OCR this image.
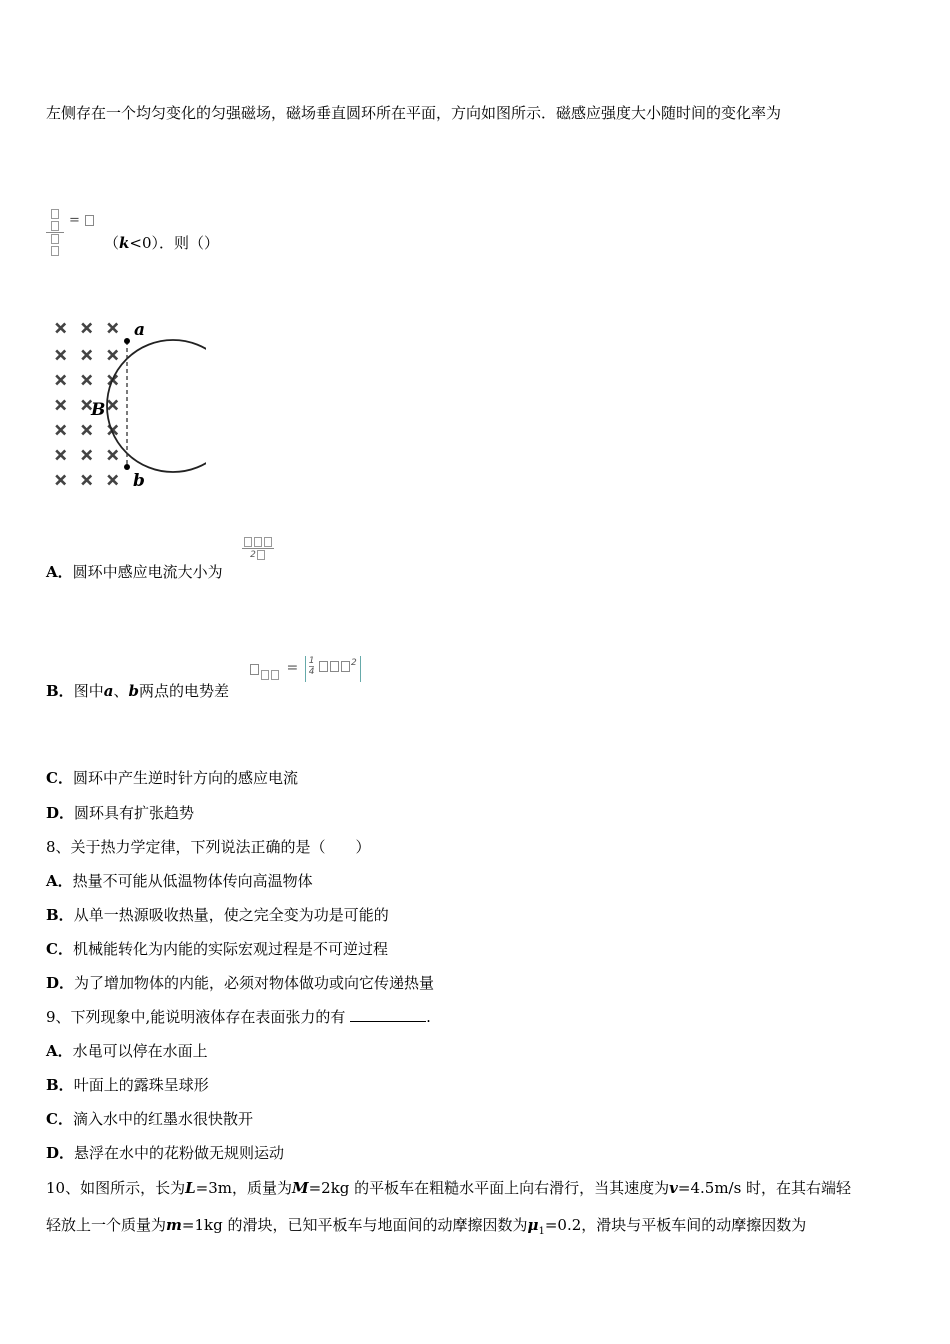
左侧存在一个均匀变化的匀强磁场，磁场垂直圆环所在平面，方向如图所示．磁感应强度大小随时间的变化率为
=
（k<0）．则（）
× × ×
× × ×
× × ×
× × ×
× × ×
× × ×
× × ×
a
b
B
A．圆环中感应电流大小为
2
B．图中a、b两点的电势差
= $\frac{1}{4}$	$^2$
C．圆环中产生逆时针方向的感应电流
D．圆环具有扩张趋势
8、关于热力学定律，下列说法正确的是（　　）
A．热量不可能从低温物体传向高温物体
B．从单一热源吸收热量，使之完全变为功是可能的
C．机械能转化为内能的实际宏观过程是不可逆过程
D．为了增加物体的内能，必须对物体做功或向它传递热量
9、下列现象中,能说明液体存在表面张力的有	.
A．水黾可以停在水面上
B．叶面上的露珠呈球形
C．滴入水中的红墨水很快散开
D．悬浮在水中的花粉做无规则运动
10、如图所示，长为L=3m，质量为M=2kg 的平板车在粗糙水平面上向右滑行，当其速度为v=4.5m/s 时，在其右端轻
轻放上一个质量为m=1kg 的滑块，已知平板车与地面间的动摩擦因数为$\mu_1=0.2$，滑块与平板车间的动摩擦因数为
